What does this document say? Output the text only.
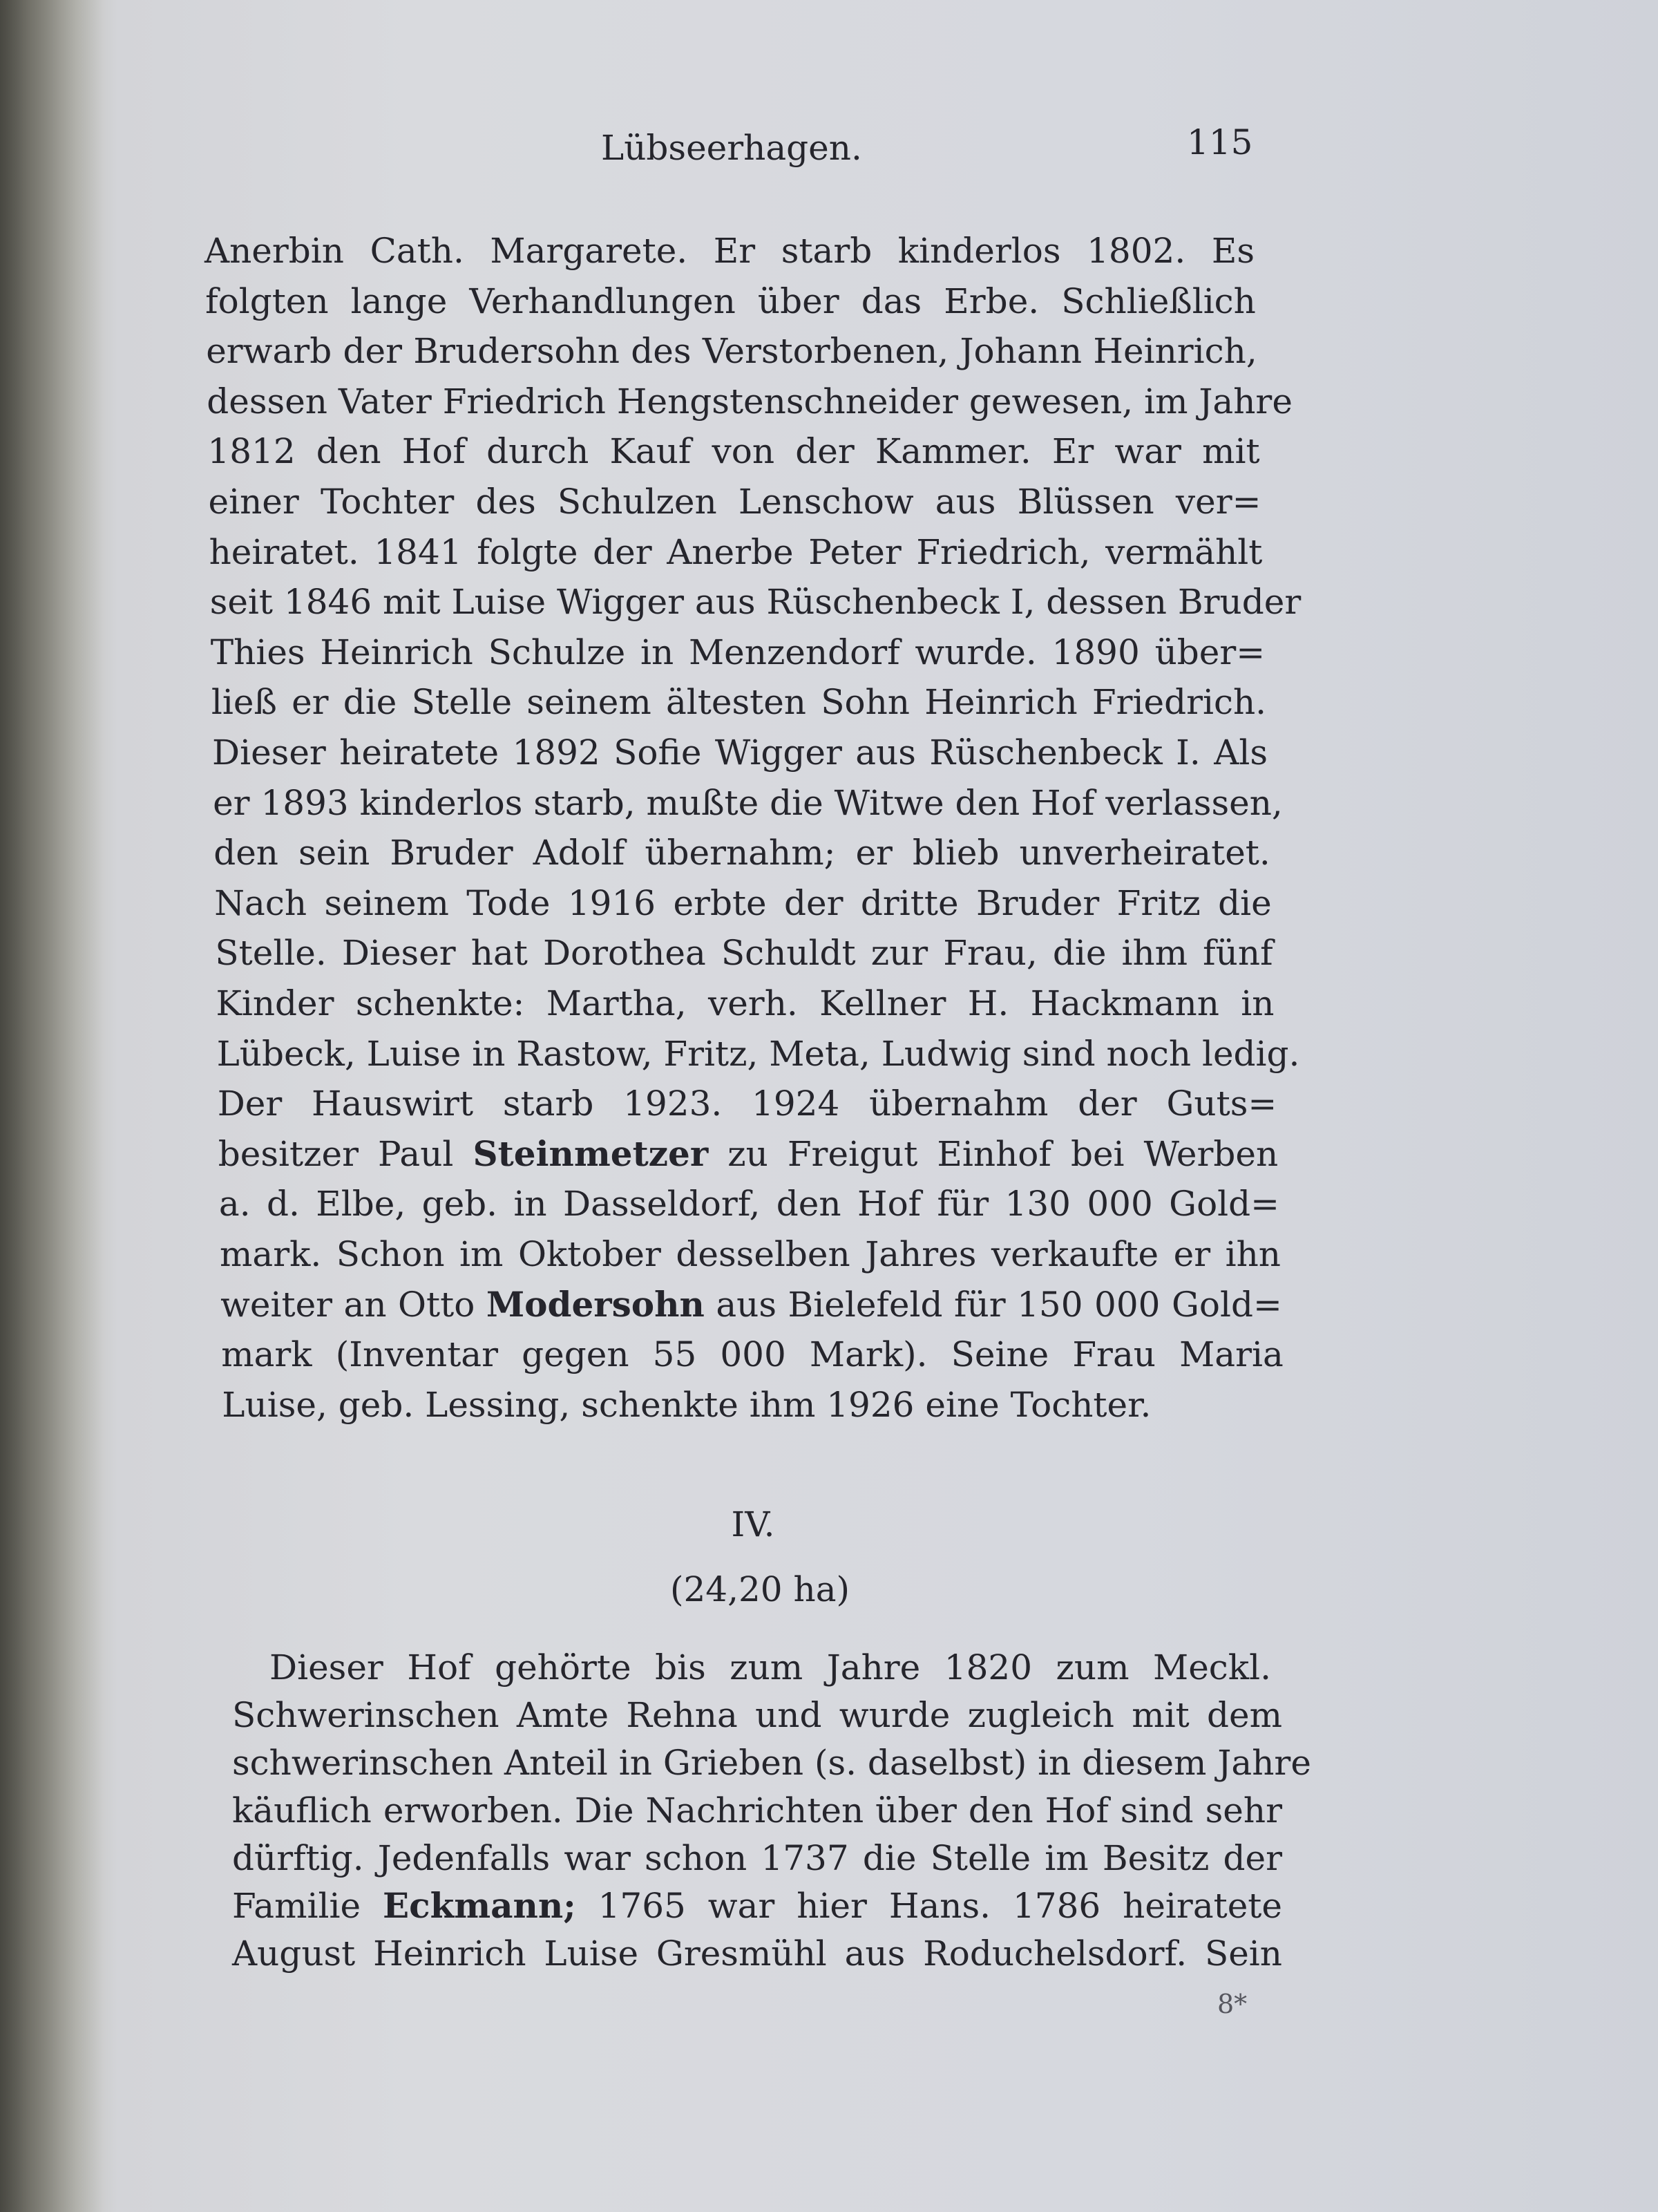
Lübseerhagen.	115
Anerbin Cath. Margarete. Er starb kinderlos 1802. Es
folgten lange Verhandlungen über das Erbe. Schließlich
erwarb der Brudersohn des Verstorbenen, Johann Heinrich,
dessen Vater Friedrich Hengstenschneider gewesen, im Jahre
1812 den Hof durch Kauf von der Kammer. Er war mit
einer Tochter des Schulzen Lenschow aus Blüssen ver=
heiratet. 1841 folgte der Anerbe Peter Friedrich, vermählt
seit 1846 mit Luise Wigger aus Rüschenbeck I, dessen Bruder
Thies Heinrich Schulze in Menzendorf wurde. 1890 über=
ließ er die Stelle seinem ältesten Sohn Heinrich Friedrich.
Dieser heiratete 1892 Sofie Wigger aus Rüschenbeck I. Als
er 1893 kinderlos starb, mußte die Witwe den Hof verlassen,
den sein Bruder Adolf übernahm; er blieb unverheiratet.
Nach seinem Tode 1916 erbte der dritte Bruder Fritz die
Stelle. Dieser hat Dorothea Schuldt zur Frau, die ihm fünf
Kinder schenkte: Martha, verh. Kellner H. Hackmann in
Lübeck, Luise in Rastow, Fritz, Meta, Ludwig sind noch ledig.
Der Hauswirt starb 1923. 1924 übernahm der Guts=
besitzer Paul Steinmetzer zu Freigut Einhof bei Werben
a. d. Elbe, geb. in Dasseldorf, den Hof für 130 000 Gold=
mark. Schon im Oktober desselben Jahres verkaufte er ihn
weiter an Otto Modersohn aus Bielefeld für 150 000 Gold=
mark (Inventar gegen 55 000 Mark). Seine Frau Maria
Luise, geb. Lessing, schenkte ihm 1926 eine Tochter.
IV.
(24,20 ha)
Dieser Hof gehörte bis zum Jahre 1820 zum Meckl.
Schwerinschen Amte Rehna und wurde zugleich mit dem
schwerinschen Anteil in Grieben (s. daselbst) in diesem Jahre
käuflich erworben. Die Nachrichten über den Hof sind sehr
dürftig. Jedenfalls war schon 1737 die Stelle im Besitz der
Familie Eckmann; 1765 war hier Hans. 1786 heiratete
August Heinrich Luise Gresmühl aus Roduchelsdorf. Sein
8*
